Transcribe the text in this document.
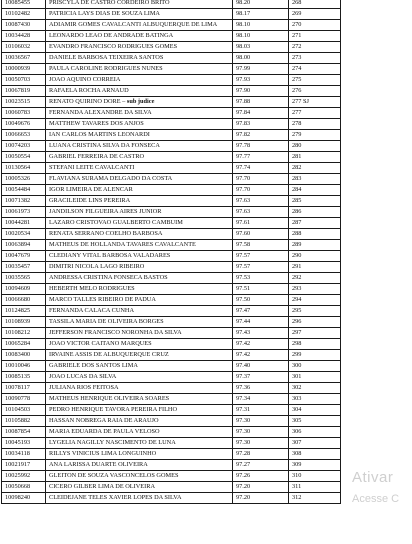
10085455	PRISCYLA DE CASTRO CORDEIRO BRITO	98.20	268
10102482	PATRICIA LAYS DIAS DE SOUZA LIMA	98.17	269
10087430	ADIAMIR GOMES CAVALCANTI ALBUQUERQUE DE LIMA	98.10	270
10034428	LEONARDO LEAO DE ANDRADE BATINGA	98.10	271
10106032	EVANDRO FRANCISCO RODRIGUES GOMES	98.03	272
10036567	DANIELE BARBOSA TEIXEIRA SANTOS	98.00	273
10000939	PAULA CAROLINE RODRIGUES NUNES	97.99	274
10050703	JOAO AQUINO CORREIA	97.93	275
10067819	RAFAELA ROCHA ARNAUD	97.90	276
10023515	RENATO QUIRINO DORE – sub judice	97.88	277 SJ
10060783	FERNANDA ALEXANDRE DA SILVA	97.84	277
10049676	MATTHEW TAVARES DOS ANJOS	97.83	278
10066653	IAN CARLOS MARTINS LEONARDI	97.82	279
10074203	LUANA CRISTINA SILVA DA FONSECA	97.78	280
10050554	GABRIEL FERREIRA DE CASTRO	97.77	281
10130564	STEFANI LEITE CAVALCANTI	97.74	282
10005326	FLAVIANA SURAMA DELGADO DA COSTA	97.70	283
10054484	IGOR LIMEIRA DE ALENCAR	97.70	284
10071382	GRACILEIDE LINS PEREIRA	97.63	285
10061973	JANDILSON FILGUEIRA AIRES JUNIOR	97.63	286
10044281	LAZARO CRISTOVAO GUALBERTO CAMBUIM	97.61	287
10020534	RENATA SERRANO COELHO BARBOSA	97.60	288
10063894	MATHEUS DE HOLLANDA TAVARES CAVALCANTE	97.58	289
10047679	CLEDIANY VITAL BARBOSA VALADARES	97.57	290
10035457	DIMITRI NICOLA LAGO RIBEIRO	97.57	291
10035565	ANDRESSA CRISTINA FONSECA BASTOS	97.53	292
10094609	HEBERTH MELO RODRIGUES	97.51	293
10066680	MARCO TALLES RIBEIRO DE PADUA	97.50	294
10124825	FERNANDA CALACA CUNHA	97.47	295
10108939	TASSILA MARIA DE OLIVEIRA BORGES	97.44	296
10108212	JEFFERSON FRANCISCO NORONHA DA SILVA	97.43	297
10065284	JOAO VICTOR CAITANO MARQUES	97.42	298
10083400	IRVAINE ASSIS DE ALBUQUERQUE CRUZ	97.42	299
10010046	GABRIELE DOS SANTOS LIMA	97.40	300
10085135	JOAO LUCAS DA SILVA	97.37	301
10078117	JULIANA RIOS FEITOSA	97.36	302
10090778	MATHEUS HENRIQUE OLIVEIRA SOARES	97.34	303
10104503	PEDRO HENRIQUE TAVORA PEREIRA FILHO	97.31	304
10105882	HASSAN NOBREGA RAIA DE ARAUJO	97.30	305
10087854	MARIA EDUARDA DE PAULA VELOSO	97.30	306
10045193	LYGELIA NAGILLY NASCIMENTO DE LUNA	97.30	307
10034118	RILLYS VINICIUS LIMA LONGUINHO	97.28	308
10021917	ANA LARISSA DUARTE OLIVEIRA	97.27	309
10025992	GLEITON DE SOUZA VASCONCELOS GOMES	97.26	310
10050668	CICERO GILBER LIMA DE OLIVEIRA	97.20	311
10098240	CLEIDEJANE TELES XAVIER LOPES DA SILVA	97.20	312
Ativar
Acesse C
